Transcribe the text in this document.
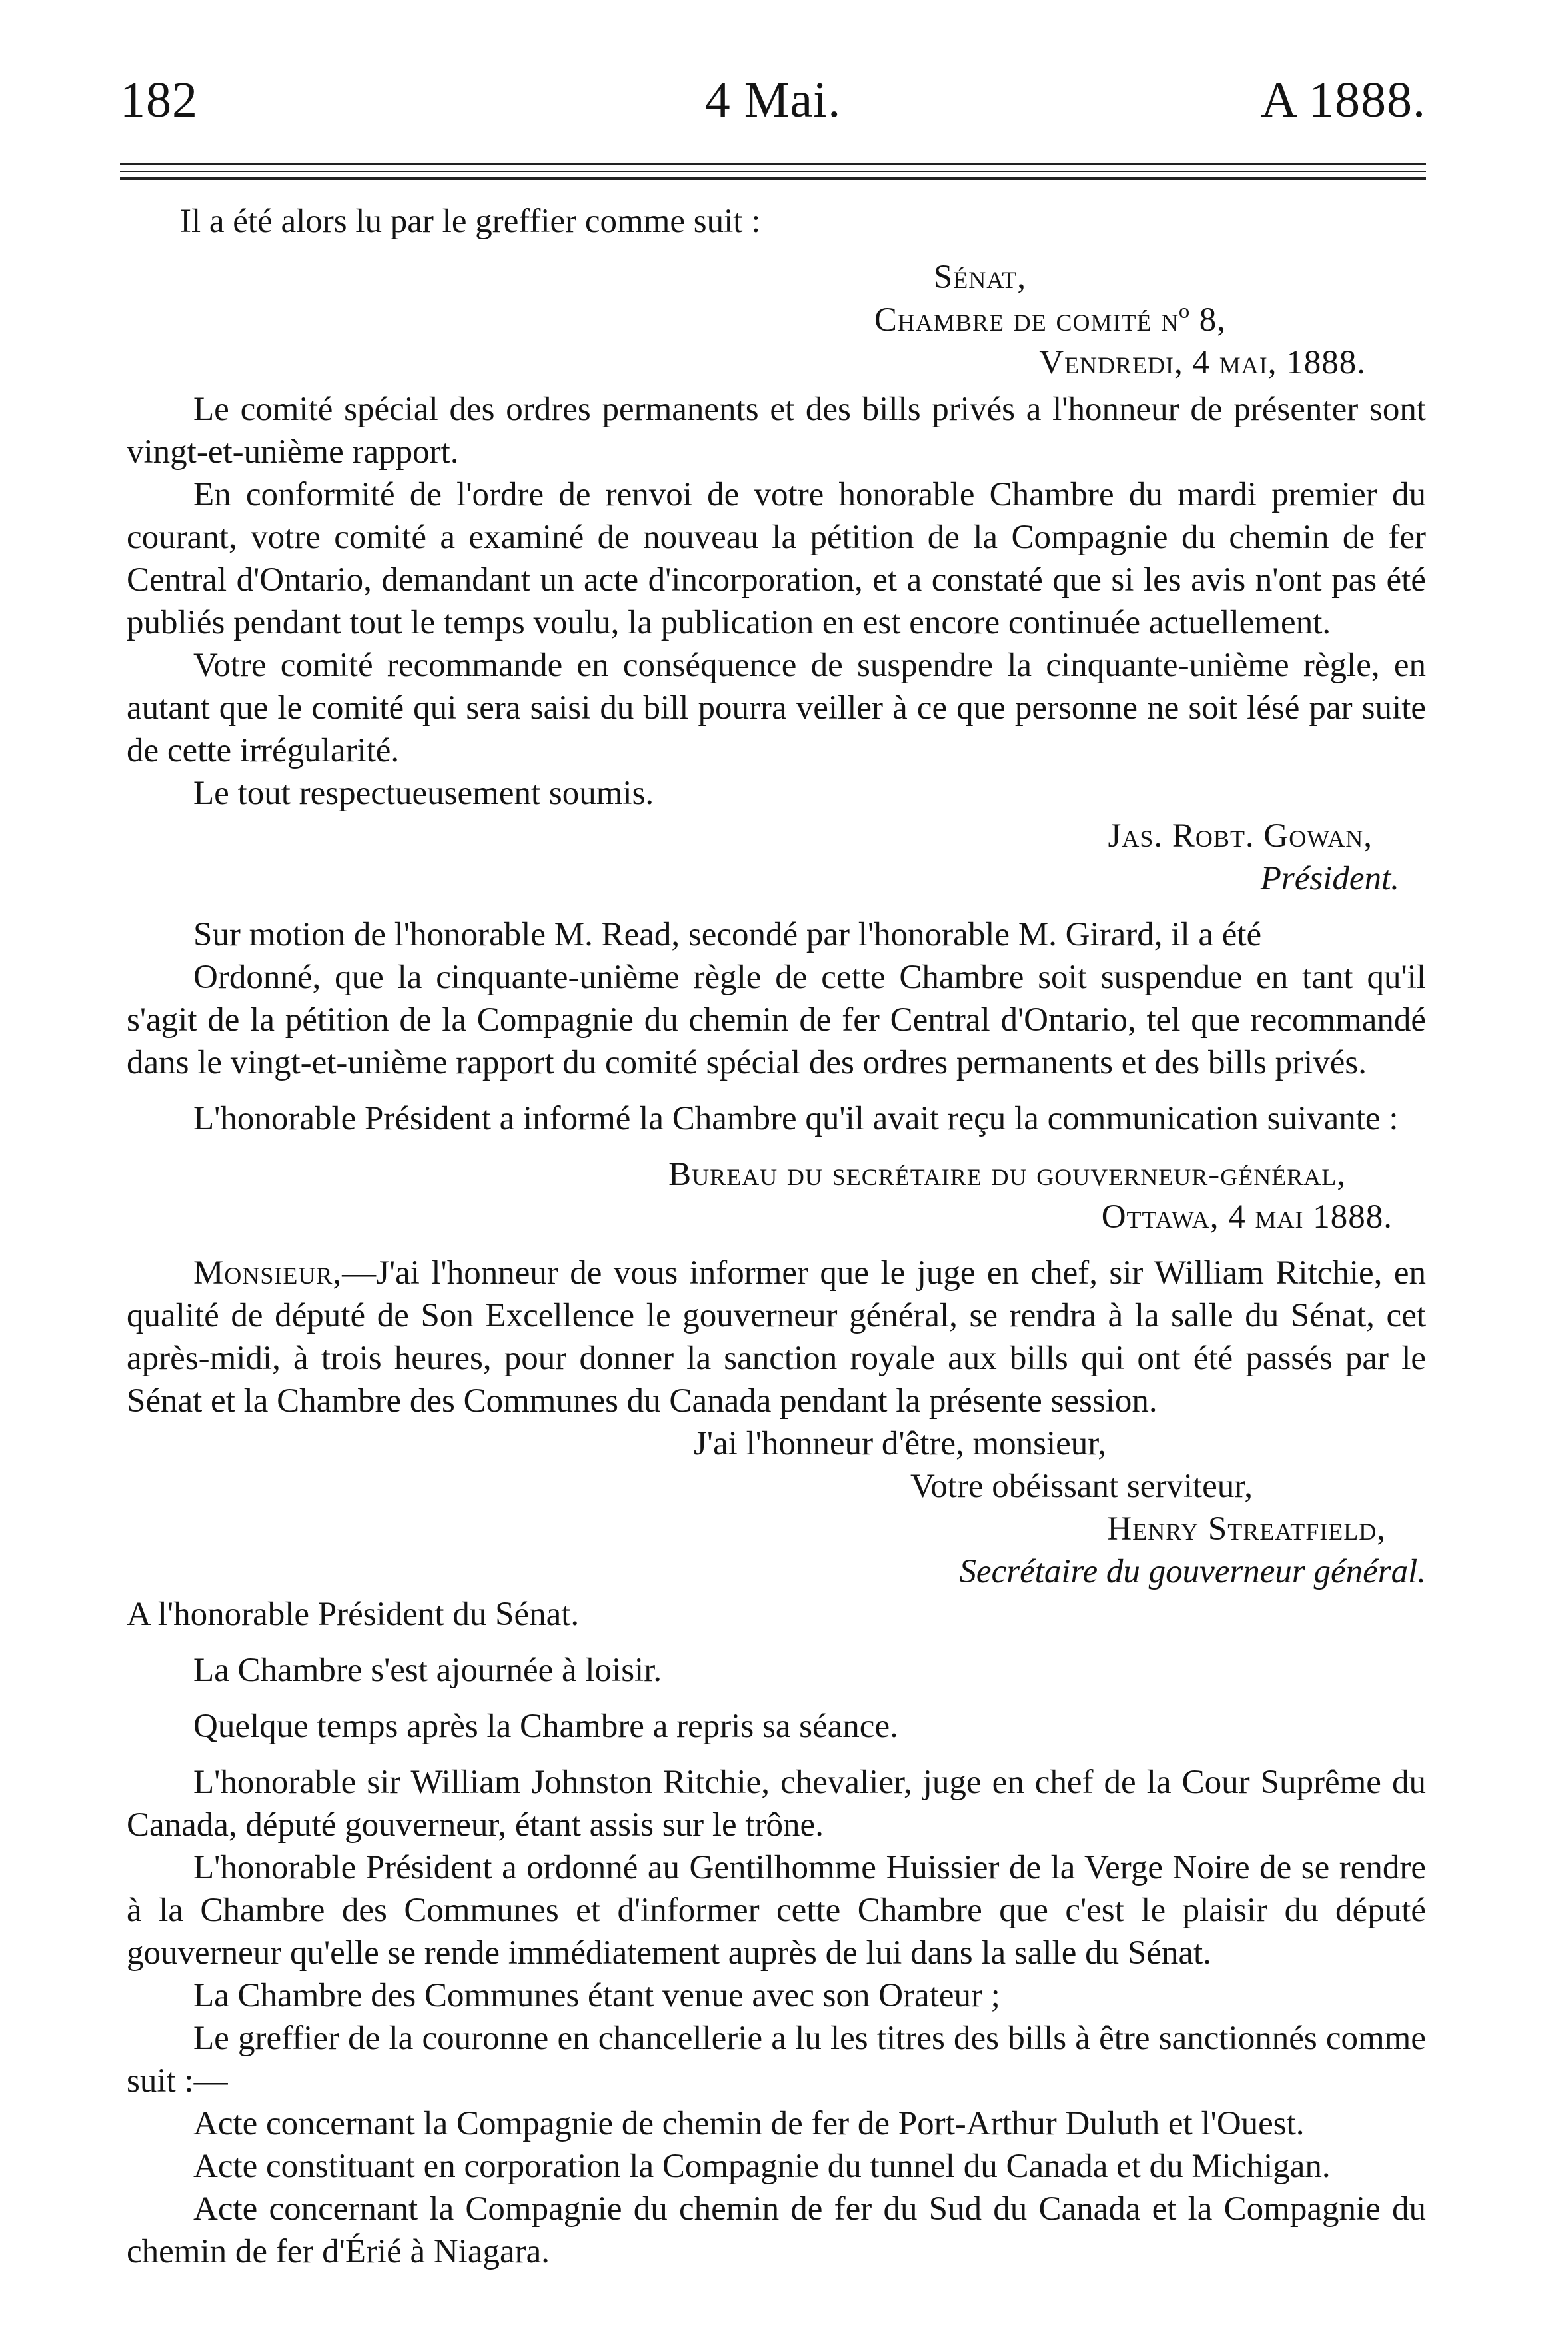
182	4 Mai.	A 1888.

Il a été alors lu par le greffier comme suit :

Sénat,

Chambre de comité nº 8,

Vendredi, 4 mai, 1888.

Le comité spécial des ordres permanents et des bills privés a l'honneur de présenter sont vingt-et-unième rapport.

En conformité de l'ordre de renvoi de votre honorable Chambre du mardi premier du courant, votre comité a examiné de nouveau la pétition de la Compagnie du chemin de fer Central d'Ontario, demandant un acte d'incorporation, et a constaté que si les avis n'ont pas été publiés pendant tout le temps voulu, la publication en est encore continuée actuellement.

Votre comité recommande en conséquence de suspendre la cinquante-unième règle, en autant que le comité qui sera saisi du bill pourra veiller à ce que personne ne soit lésé par suite de cette irrégularité.

Le tout respectueusement soumis.

Jas. Robt. Gowan,

Président.

Sur motion de l'honorable M. Read, secondé par l'honorable M. Girard, il a été

Ordonné, que la cinquante-unième règle de cette Chambre soit suspendue en tant qu'il s'agit de la pétition de la Compagnie du chemin de fer Central d'Ontario, tel que recommandé dans le vingt-et-unième rapport du comité spécial des ordres permanents et des bills privés.

L'honorable Président a informé la Chambre qu'il avait reçu la communication suivante :

Bureau du secrétaire du gouverneur-général,

Ottawa, 4 mai 1888.

Monsieur,—J'ai l'honneur de vous informer que le juge en chef, sir William Ritchie, en qualité de député de Son Excellence le gouverneur général, se rendra à la salle du Sénat, cet après-midi, à trois heures, pour donner la sanction royale aux bills qui ont été passés par le Sénat et la Chambre des Communes du Canada pendant la présente session.

J'ai l'honneur d'être, monsieur,

Votre obéissant serviteur,

Henry Streatfield,

Secrétaire du gouverneur général.

A l'honorable Président du Sénat.

La Chambre s'est ajournée à loisir.

Quelque temps après la Chambre a repris sa séance.

L'honorable sir William Johnston Ritchie, chevalier, juge en chef de la Cour Suprême du Canada, député gouverneur, étant assis sur le trône.

L'honorable Président a ordonné au Gentilhomme Huissier de la Verge Noire de se rendre à la Chambre des Communes et d'informer cette Chambre que c'est le plaisir du député gouverneur qu'elle se rende immédiatement auprès de lui dans la salle du Sénat.

La Chambre des Communes étant venue avec son Orateur ;

Le greffier de la couronne en chancellerie a lu les titres des bills à être sanctionnés comme suit :—

Acte concernant la Compagnie de chemin de fer de Port-Arthur Duluth et l'Ouest.

Acte constituant en corporation la Compagnie du tunnel du Canada et du Michigan.

Acte concernant la Compagnie du chemin de fer du Sud du Canada et la Compagnie du chemin de fer d'Érié à Niagara.
